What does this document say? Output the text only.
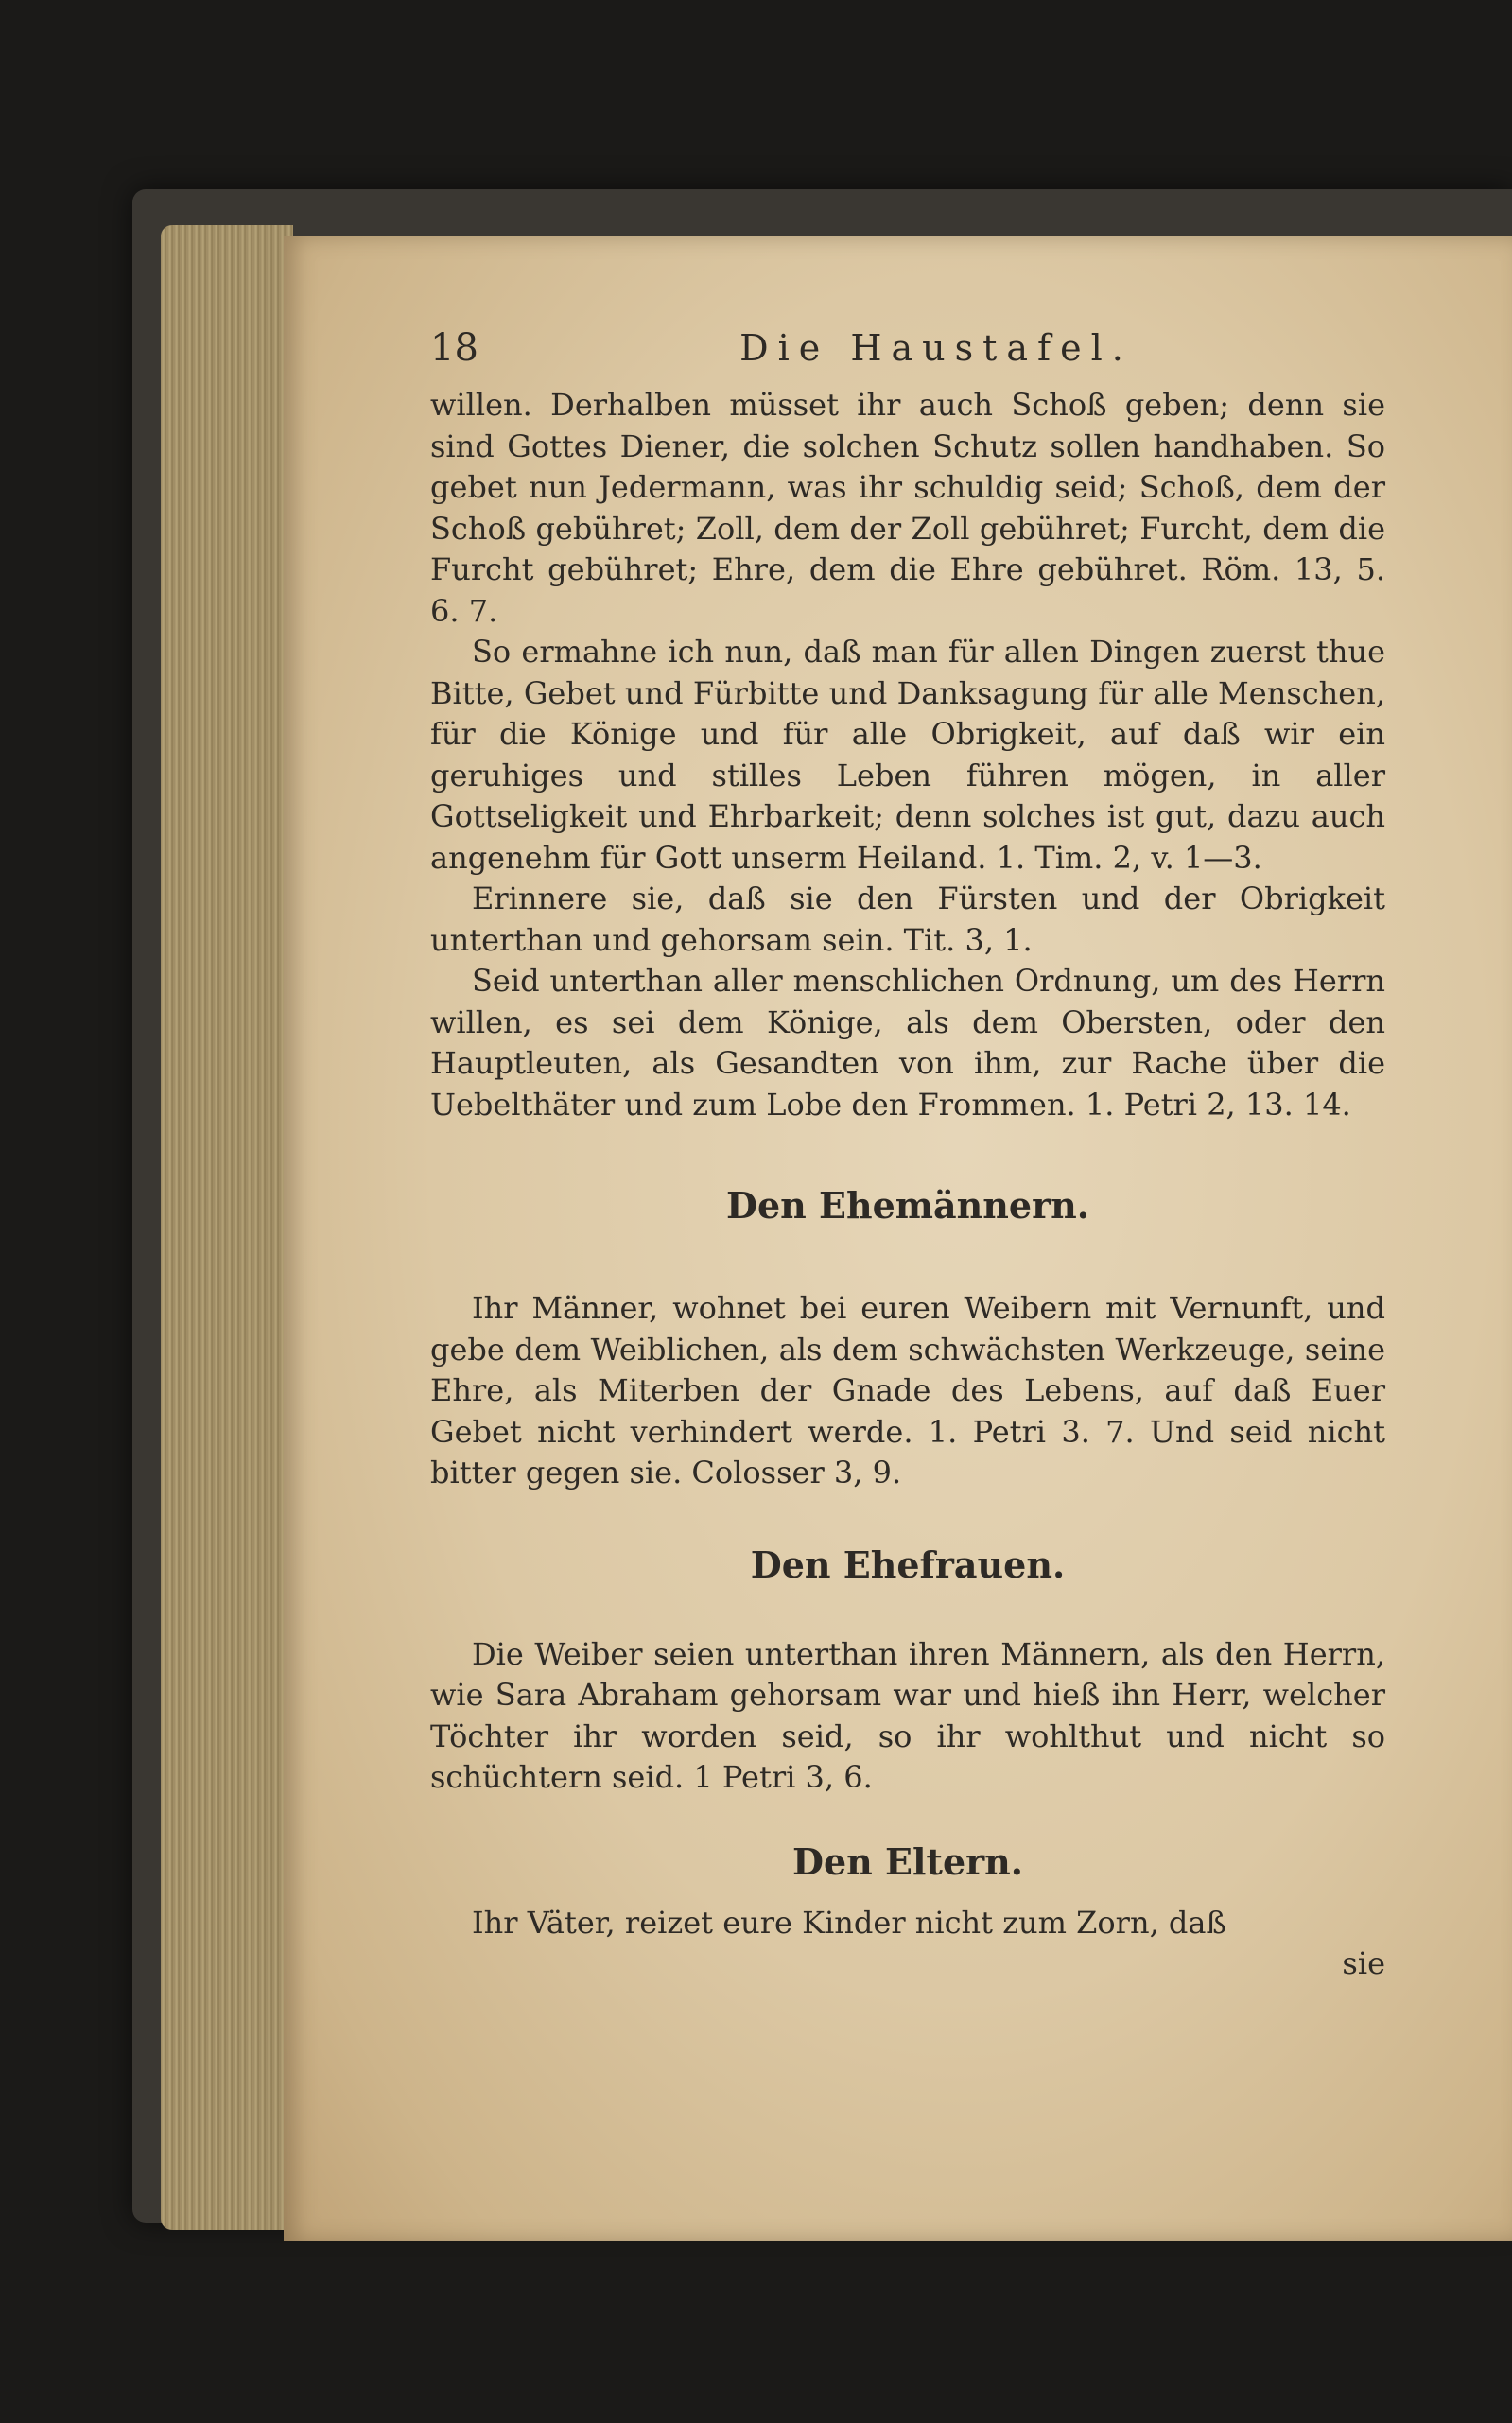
18	Die Haustafel.

willen. Derhalben müsset ihr auch Schoß geben; denn sie sind Gottes Diener, die solchen Schutz sollen handhaben. So gebet nun Jedermann, was ihr schuldig seid; Schoß, dem der Schoß gebühret; Zoll, dem der Zoll gebühret; Furcht, dem die Furcht gebühret; Ehre, dem die Ehre gebühret. Röm. 13, 5. 6. 7.

So ermahne ich nun, daß man für allen Dingen zuerst thue Bitte, Gebet und Fürbitte und Danksagung für alle Menschen, für die Könige und für alle Obrigkeit, auf daß wir ein geruhiges und stilles Leben führen mögen, in aller Gottseligkeit und Ehrbarkeit; denn solches ist gut, dazu auch angenehm für Gott unserm Heiland. 1. Tim. 2, v. 1—3.

Erinnere sie, daß sie den Fürsten und der Obrigkeit unterthan und gehorsam sein. Tit. 3, 1.

Seid unterthan aller menschlichen Ordnung, um des Herrn willen, es sei dem Könige, als dem Obersten, oder den Hauptleuten, als Gesandten von ihm, zur Rache über die Uebelthäter und zum Lobe den Frommen. 1. Petri 2, 13. 14.

Den Ehemännern.

Ihr Männer, wohnet bei euren Weibern mit Vernunft, und gebe dem Weiblichen, als dem schwächsten Werkzeuge, seine Ehre, als Miterben der Gnade des Lebens, auf daß Euer Gebet nicht verhindert werde. 1. Petri 3. 7. Und seid nicht bitter gegen sie. Colosser 3, 9.

Den Ehefrauen.

Die Weiber seien unterthan ihren Männern, als den Herrn, wie Sara Abraham gehorsam war und hieß ihn Herr, welcher Töchter ihr worden seid, so ihr wohlthut und nicht so schüchtern seid. 1 Petri 3, 6.

Den Eltern.

Ihr Väter, reizet eure Kinder nicht zum Zorn, daß

sie
